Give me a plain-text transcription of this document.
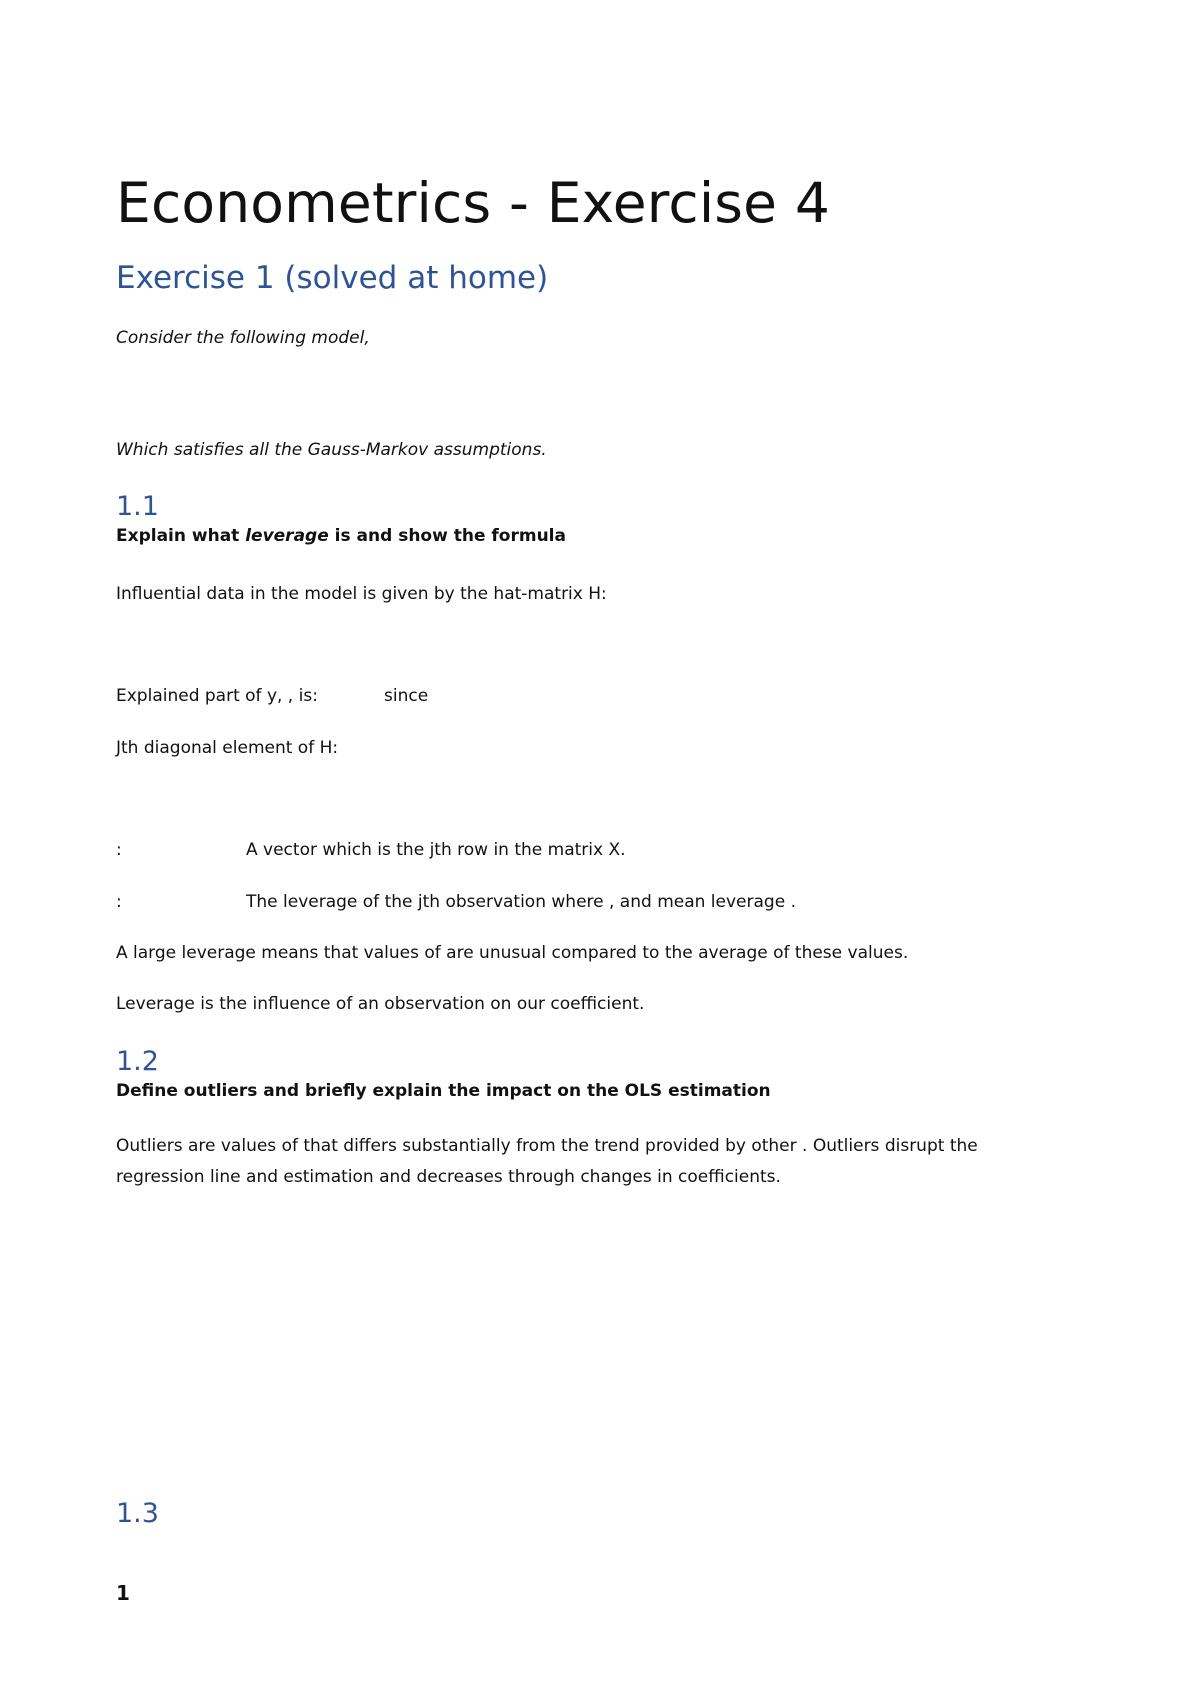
Econometrics - Exercise 4
Exercise 1 (solved at home)
Consider the following model,
Which satisfies all the Gauss-Markov assumptions.
1.1
Explain what leverage is and show the formula
Influential data in the model is given by the hat-matrix H:
Explained part of y, , is:	since
Jth diagonal element of H:
:	A vector which is the jth row in the matrix X.
:	The leverage of the jth observation where , and mean leverage .
A large leverage means that values of are unusual compared to the average of these values.
Leverage is the influence of an observation on our coefficient.
1.2
Define outliers and briefly explain the impact on the OLS estimation
Outliers are values of that differs substantially from the trend provided by other . Outliers disrupt the regression line and estimation and decreases through changes in coefficients.
1.3
1
